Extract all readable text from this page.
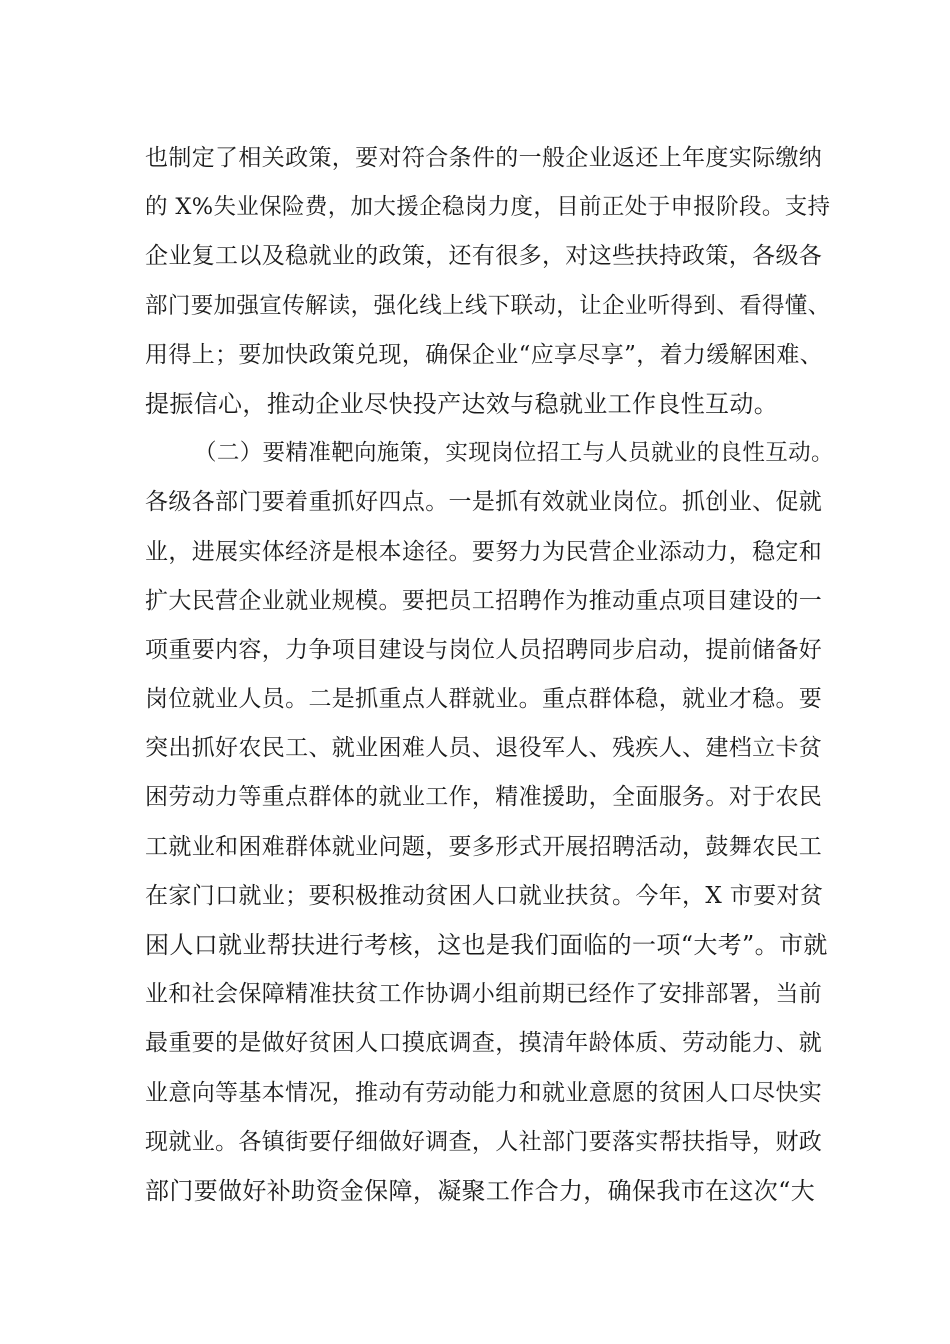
也制定了相关政策，要对符合条件的一般企业返还上年度实际缴纳
的 X%失业保险费，加大援企稳岗力度，目前正处于申报阶段。支持
企业复工以及稳就业的政策，还有很多，对这些扶持政策，各级各
部门要加强宣传解读，强化线上线下联动，让企业听得到、看得懂、
用得上；要加快政策兑现，确保企业“应享尽享”，着力缓解困难、
提振信心，推动企业尽快投产达效与稳就业工作良性互动。
（二）要精准靶向施策，实现岗位招工与人员就业的良性互动。
各级各部门要着重抓好四点。一是抓有效就业岗位。抓创业、促就
业，进展实体经济是根本途径。要努力为民营企业添动力，稳定和
扩大民营企业就业规模。要把员工招聘作为推动重点项目建设的一
项重要内容，力争项目建设与岗位人员招聘同步启动，提前储备好
岗位就业人员。二是抓重点人群就业。重点群体稳，就业才稳。要
突出抓好农民工、就业困难人员、退役军人、残疾人、建档立卡贫
困劳动力等重点群体的就业工作，精准援助，全面服务。对于农民
工就业和困难群体就业问题，要多形式开展招聘活动，鼓舞农民工
在家门口就业；要积极推动贫困人口就业扶贫。今年，X 市要对贫
困人口就业帮扶进行考核，这也是我们面临的一项“大考”。市就
业和社会保障精准扶贫工作协调小组前期已经作了安排部署，当前
最重要的是做好贫困人口摸底调查，摸清年龄体质、劳动能力、就
业意向等基本情况，推动有劳动能力和就业意愿的贫困人口尽快实
现就业。各镇街要仔细做好调查，人社部门要落实帮扶指导，财政
部门要做好补助资金保障，凝聚工作合力，确保我市在这次“大
